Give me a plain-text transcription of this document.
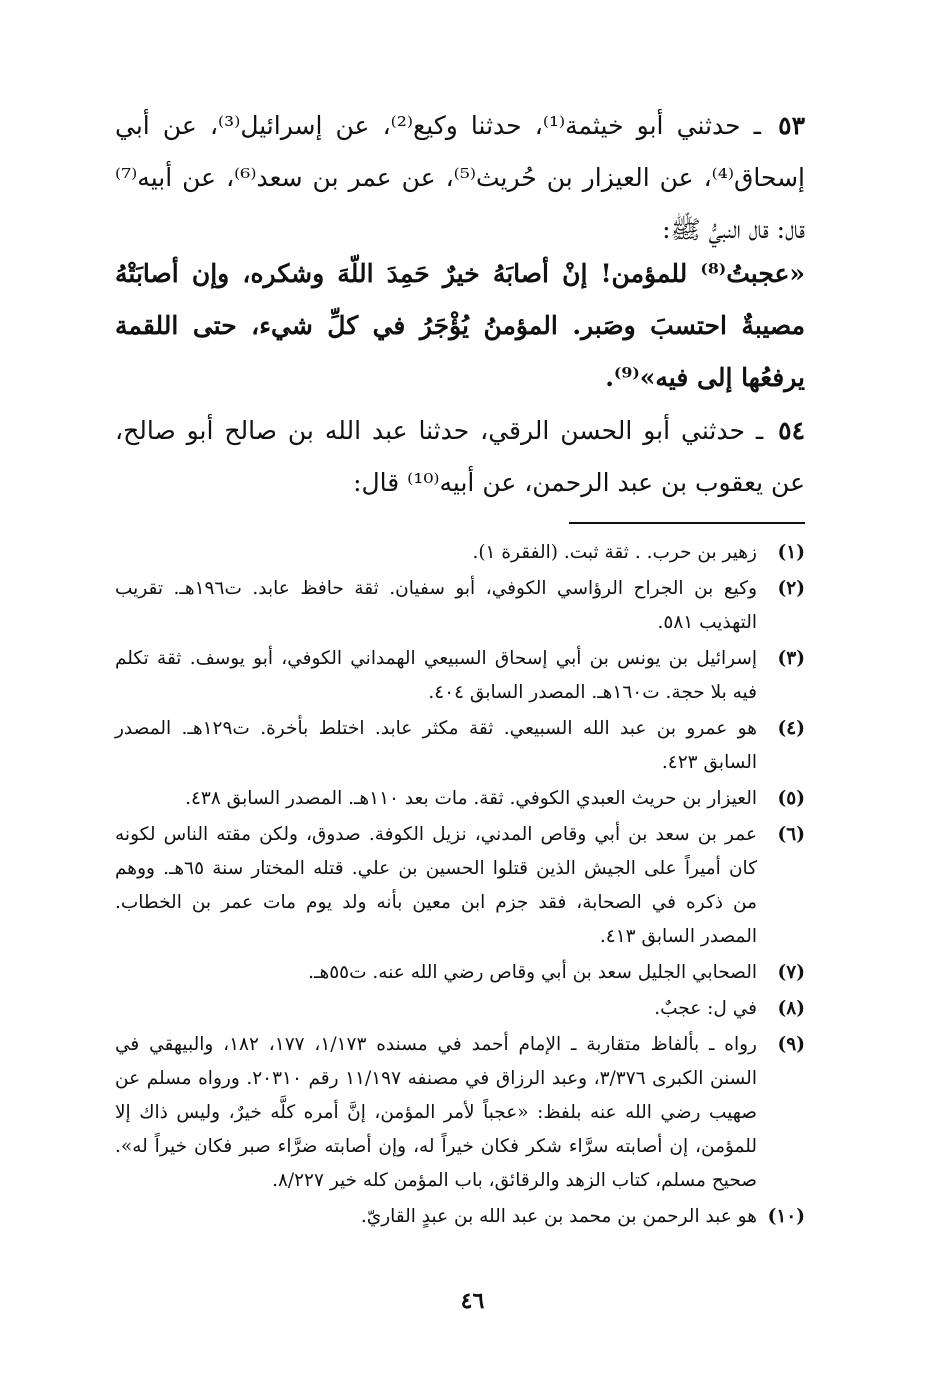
٥٣ ـ حدثني أبو خيثمة⁽¹⁾، حدثنا وكيع⁽²⁾، عن إسرائيل⁽³⁾، عن أبي إسحاق⁽⁴⁾، عن العيزار بن حُريث⁽⁵⁾، عن عمر بن سعد⁽⁶⁾، عن أبيه⁽⁷⁾ قال: قال النبيُّ ﷺ:
«عجبتُ⁽⁸⁾ للمؤمن! إنْ أصابَهُ خيرٌ حَمِدَ اللّهَ وشكره، وإن أصابَتْهُ مصيبةٌ احتسبَ وصَبر. المؤمنُ يُؤْجَرُ في كلِّ شيء، حتى اللقمة يرفعُها إلى فيه»⁽⁹⁾.
٥٤ ـ حدثني أبو الحسن الرقي، حدثنا عبد الله بن صالح أبو صالح، عن يعقوب بن عبد الرحمن، عن أبيه⁽¹⁰⁾ قال:
(١)
زهير بن حرب. . ثقة ثبت. (الفقرة ١).
(٢)
وكيع بن الجراح الرؤاسي الكوفي، أبو سفيان. ثقة حافظ عابد. ت١٩٦هـ. تقريب التهذيب ٥٨١.
(٣)
إسرائيل بن يونس بن أبي إسحاق السبيعي الهمداني الكوفي، أبو يوسف. ثقة تكلم فيه بلا حجة. ت١٦٠هـ. المصدر السابق ٤٠٤.
(٤)
هو عمرو بن عبد الله السبيعي. ثقة مكثر عابد. اختلط بأخرة. ت١٢٩هـ. المصدر السابق ٤٢٣.
(٥)
العيزار بن حريث العبدي الكوفي. ثقة. مات بعد ١١٠هـ. المصدر السابق ٤٣٨.
(٦)
عمر بن سعد بن أبي وقاص المدني، نزيل الكوفة. صدوق، ولكن مقته الناس لكونه كان أميراً على الجيش الذين قتلوا الحسين بن علي. قتله المختار سنة ٦٥هـ. ووهم من ذكره في الصحابة، فقد جزم ابن معين بأنه ولد يوم مات عمر بن الخطاب. المصدر السابق ٤١٣.
(٧)
الصحابي الجليل سعد بن أبي وقاص رضي الله عنه. ت٥٥هـ.
(٨)
في ل: عجبٌ.
(٩)
رواه ـ بألفاظ متقاربة ـ الإمام أحمد في مسنده ١/١٧٣، ١٧٧، ١٨٢، والبيهقي في السنن الكبرى ٣/٣٧٦، وعبد الرزاق في مصنفه ١١/١٩٧ رقم ٢٠٣١٠. ورواه مسلم عن صهيب رضي الله عنه بلفظ: «عجباً لأمر المؤمن، إنَّ أمره كلَّه خيرٌ، وليس ذاك إلا للمؤمن، إن أصابته سرَّاء شكر فكان خيراً له، وإن أصابته ضرَّاء صبر فكان خيراً له». صحيح مسلم، كتاب الزهد والرقائق، باب المؤمن كله خير ٨/٢٢٧.
(١٠)
هو عبد الرحمن بن محمد بن عبد الله بن عبدٍ القاريّ.
٤٦
